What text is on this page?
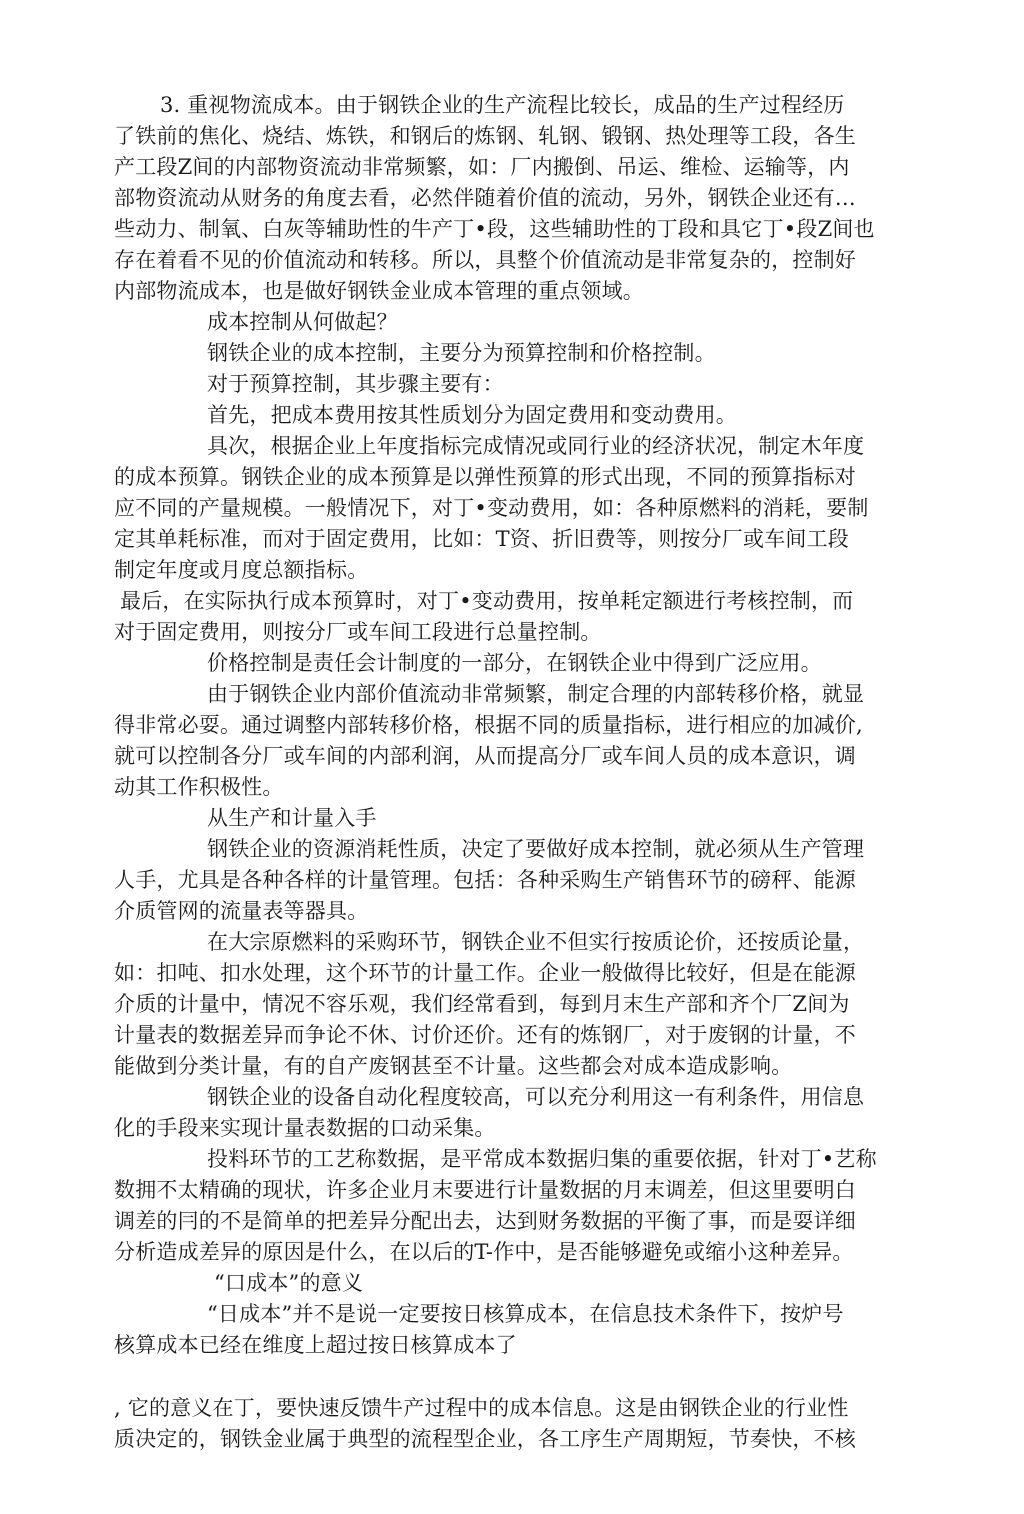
3. 重视物流成本。由于钢铁企业的生产流程比较长，成品的生产过程经历
了铁前的焦化、烧结、炼铁，和钢后的炼钢、轧钢、锻钢、热处理等工段，各生
产工段Z间的内部物资流动非常频繁，如：厂内搬倒、吊运、维检、运输等，内
部物资流动从财务的角度去看，必然伴随着价值的流动，另外，钢铁企业还有…
些动力、制氧、白灰等辅助性的牛产丁•段，这些辅助性的丁段和具它丁•段Z间也
存在着看不见的价值流动和转移。所以，具整个价值流动是非常复杂的，控制好
内部物流成本，也是做好钢铁金业成本管理的重点领域。
成本控制从何做起？
钢铁企业的成本控制，主要分为预算控制和价格控制。
对于预算控制，其步骤主要有：
首先，把成本费用按其性质划分为固定费用和变动费用。
具次，根据企业上年度指标完成情况或同行业的经济状况，制定木年度
的成本预算。钢铁企业的成本预算是以弹性预算的形式出现，不同的预算指标对
应不同的产量规模。一般情况下，对丁•变动费用，如：各种原燃料的消耗，要制
定其单耗标准，而对于固定费用，比如：T资、折旧费等，则按分厂或车间工段
制定年度或月度总额指标。
最后，在实际执行成本预算时，对丁•变动费用，按单耗定额进行考核控制，而
对于固定费用，则按分厂或车间工段进行总量控制。
价格控制是责任会计制度的一部分，在钢铁企业中得到广泛应用。
由于钢铁企业内部价值流动非常频繁，制定合理的内部转移价格，就显
得非常必耍。通过调整内部转移价格，根据不同的质量指标，进行相应的加减价,
就可以控制各分厂或车间的内部利润，从而提高分厂或车间人员的成本意识，调
动其工作积极性。
从生产和计量入手
钢铁企业的资源消耗性质，决定了要做好成本控制，就必须从生产管理
人手，尤具是各种各样的计量管理。包括：各种采购生产销售环节的磅秤、能源
介质管网的流量表等器具。
在大宗原燃料的采购环节，钢铁企业不但实行按质论价，还按质论量，
如：扣吨、扣水处理，这个环节的计量工作。企业一般做得比较好，但是在能源
介质的计量中，情况不容乐观，我们经常看到，每到月末生产部和齐个厂Z间为
计量表的数据差异而争论不休、讨价还价。还有的炼钢厂，对于废钢的计量，不
能做到分类计量，有的自产废钢甚至不计量。这些都会对成本造成影响。
钢铁企业的设备自动化程度较高，可以充分利用这一有利条件，用信息
化的手段来实现计量表数据的口动采集。
投料环节的工艺称数据，是平常成本数据归集的重要依据，针对丁•艺称
数拥不太精确的现状，许多企业月末要进行计量数据的月末调差，但这里要明白
调差的冃的不是简单的把差异分配出去，达到财务数据的平衡了事，而是耍详细
分析造成差异的原因是什么，在以后的T-作中，是否能够避免或缩小这种差异。
“口成本”的意义
“日成本”并不是说一定要按日核算成本，在信息技术条件下，按炉号
核算成本已经在维度上超过按日核算成本了
, 它的意义在丁，要快速反馈牛产过程中的成本信息。这是由钢铁企业的行业性
质决定的，钢铁金业属于典型的流程型企业，各工序生产周期短，节奏快，不核
